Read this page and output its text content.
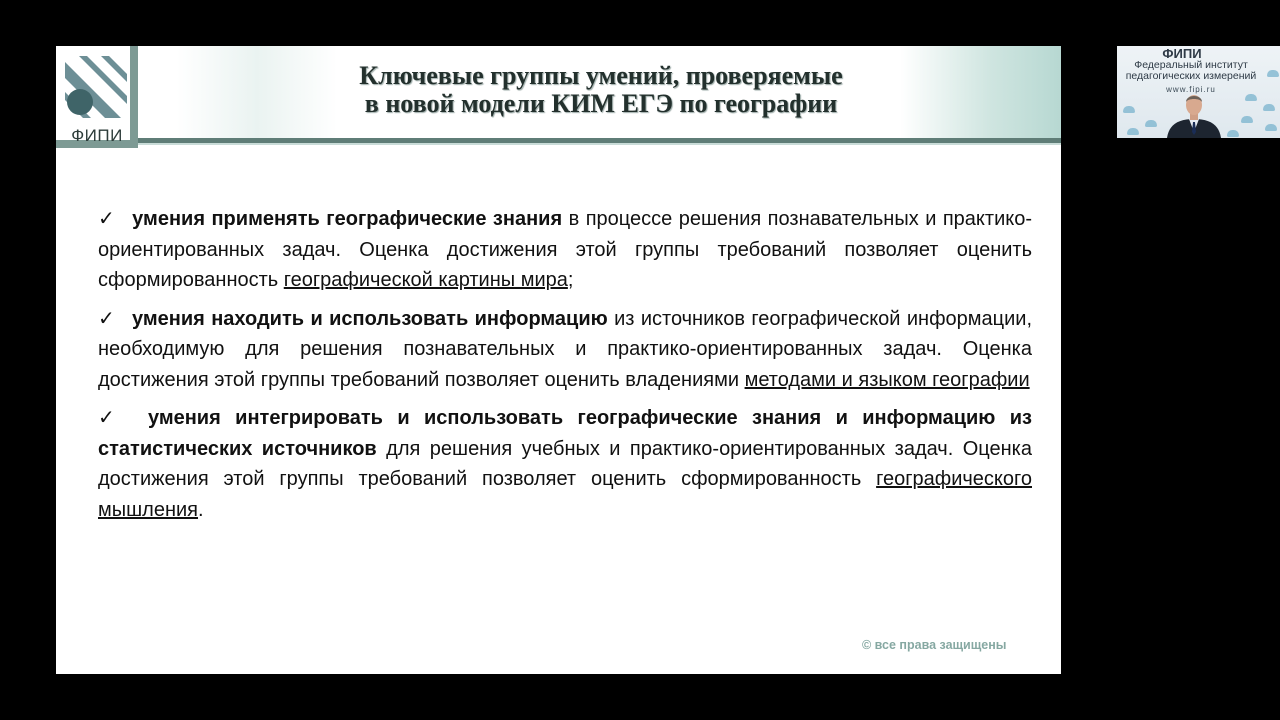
ФИПИ
Ключевые группы умений, проверяемые
в новой модели КИМ ЕГЭ по географии

✓ умения применять географические знания в процессе решения познавательных и практико-ориентированных задач. Оценка достижения этой группы требований позволяет оценить сформированность географической картины мира;

✓ умения находить и использовать информацию из источников географической информации, необходимую для решения познавательных и практико-ориентированных задач. Оценка достижения этой группы требований позволяет оценить владениями методами и языком географии

✓ умения интегрировать и использовать географические знания и информацию из статистических источников для решения учебных и практико-ориентированных задач. Оценка достижения этой группы требований позволяет оценить сформированность географического мышления.

© все права защищены
ФИПИ
Федеральный институт
педагогических измерений
www.fipi.ru
